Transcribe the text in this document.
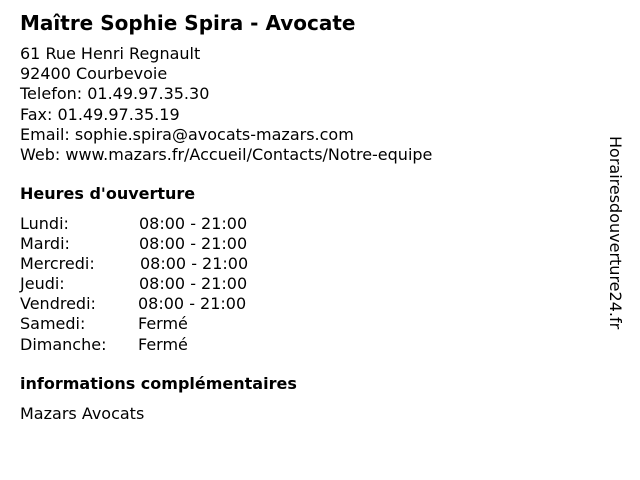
Maître Sophie Spira - Avocate
61 Rue Henri Regnault
92400 Courbevoie
Telefon: 01.49.97.35.30
Fax: 01.49.97.35.19
Email: sophie.spira@avocats-mazars.com
Web: www.mazars.fr/Accueil/Contacts/Notre-equipe
Heures d'ouverture
Lundi:	08:00 - 21:00
Mardi:	08:00 - 21:00
Mercredi:	08:00 - 21:00
Jeudi:	08:00 - 21:00
Vendredi:	08:00 - 21:00
Samedi:	Fermé
Dimanche: Fermé
informations complémentaires
Mazars Avocats
Horairesdouverture24.fr
